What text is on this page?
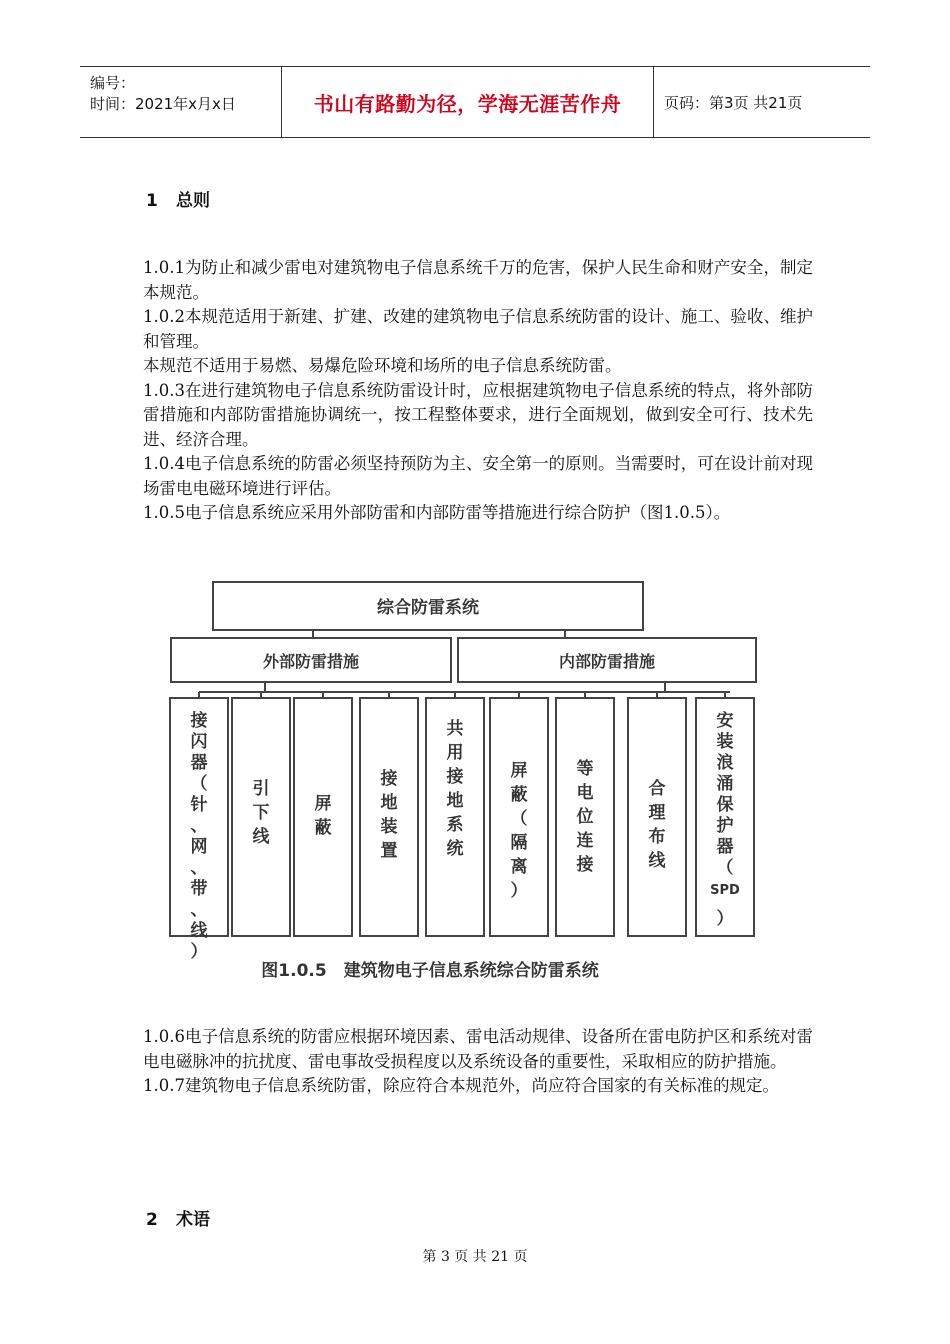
编号：
时间：2021年x月x日	书山有路勤为径，学海无涯苦作舟	页码：第3页 共21页
1 总则

1.0.1为防止和减少雷电对建筑物电子信息系统千万的危害，保护人民生命和财产安全，制定本规范。

1.0.2本规范适用于新建、扩建、改建的建筑物电子信息系统防雷的设计、施工、验收、维护和管理。

本规范不适用于易燃、易爆危险环境和场所的电子信息系统防雷。

1.0.3在进行建筑物电子信息系统防雷设计时，应根据建筑物电子信息系统的特点，将外部防雷措施和内部防雷措施协调统一，按工程整体要求，进行全面规划，做到安全可行、技术先进、经济合理。

1.0.4电子信息系统的防雷必须坚持预防为主、安全第一的原则。当需要时，可在设计前对现场雷电电磁环境进行评估。

1.0.5电子信息系统应采用外部防雷和内部防雷等措施进行综合防护（图1.0.5）。

综合防雷系统
外部防雷措施	内部防雷措施
接闪器（针、网、带、线）
引下线
屏蔽
接地装置
共用接地系统
屏蔽（隔离）
等电位连接
合理布线
安装浪涌保护器（ SPD ）
图1.0.5　建筑物电子信息系统综合防雷系统

1.0.6电子信息系统的防雷应根据环境因素、雷电活动规律、设备所在雷电防护区和系统对雷电电磁脉冲的抗扰度、雷电事故受损程度以及系统设备的重要性，采取相应的防护措施。

1.0.7建筑物电子信息系统防雷，除应符合本规范外，尚应符合国家的有关标准的规定。

2 术语
第 3 页 共 21 页
